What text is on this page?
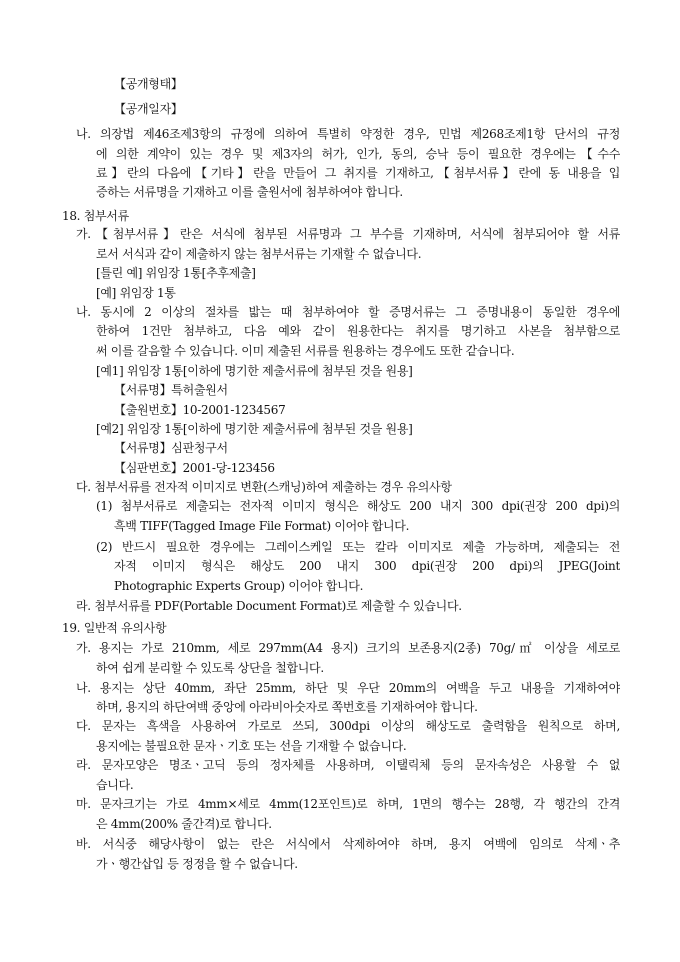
【공개형태】
【공개일자】
나. 의장법 제46조제3항의 규정에 의하여 특별히 약정한 경우, 민법 제268조제1항 단서의 규정
에 의한 계약이 있는 경우 및 제3자의 허가, 인가, 동의, 승낙 등이 필요한 경우에는【수수
료】란의 다음에【기타】란을 만들어 그 취지를 기재하고,【첨부서류】란에 동 내용을 입
증하는 서류명을 기재하고 이를 출원서에 첨부하여야 합니다.
18. 첨부서류
가.【첨부서류】란은 서식에 첨부된 서류명과 그 부수를 기재하며, 서식에 첨부되어야 할 서류
로서 서식과 같이 제출하지 않는 첨부서류는 기재할 수 없습니다.
[틀린 예] 위임장 1통[추후제출]
[예] 위임장 1통
나. 동시에 2 이상의 절차를 밟는 때 첨부하여야 할 증명서류는 그 증명내용이 동일한 경우에
한하여 1건만 첨부하고, 다음 예와 같이 원용한다는 취지를 명기하고 사본을 첨부함으로
써 이를 갈음할 수 있습니다. 이미 제출된 서류를 원용하는 경우에도 또한 같습니다.
[예1] 위임장 1통[이하에 명기한 제출서류에 첨부된 것을 원용]
【서류명】특허출원서
【출원번호】10-2001-1234567
[예2] 위임장 1통[이하에 명기한 제출서류에 첨부된 것을 원용]
【서류명】심판청구서
【심판번호】2001-당-123456
다. 첨부서류를 전자적 이미지로 변환(스캐닝)하여 제출하는 경우 유의사항
(1) 첨부서류로 제출되는 전자적 이미지 형식은 해상도 200 내지 300 dpi(권장 200 dpi)의
흑백 TIFF(Tagged Image File Format) 이어야 합니다.
(2) 반드시 필요한 경우에는 그레이스케일 또는 칼라 이미지로 제출 가능하며, 제출되는 전
자적 이미지 형식은 해상도 200 내지 300 dpi(권장 200 dpi)의 JPEG(Joint
Photographic Experts Group) 이어야 합니다.
라. 첨부서류를 PDF(Portable Document Format)로 제출할 수 있습니다.
19. 일반적 유의사항
가. 용지는 가로 210mm, 세로 297mm(A4 용지) 크기의 보존용지(2종) 70g/㎡ 이상을 세로로
하여 쉽게 분리할 수 있도록 상단을 철합니다.
나. 용지는 상단 40mm, 좌단 25mm, 하단 및 우단 20mm의 여백을 두고 내용을 기재하여야
하며, 용지의 하단여백 중앙에 아라비아숫자로 쪽번호를 기재하여야 합니다.
다. 문자는 흑색을 사용하여 가로로 쓰되, 300dpi 이상의 해상도로 출력함을 원칙으로 하며,
용지에는 불필요한 문자ㆍ기호 또는 선을 기재할 수 없습니다.
라. 문자모양은 명조ㆍ고딕 등의 정자체를 사용하며, 이탤릭체 등의 문자속성은 사용할 수 없
습니다.
마. 문자크기는 가로 4mm×세로 4mm(12포인트)로 하며, 1면의 행수는 28행, 각 행간의 간격
은 4mm(200% 줄간격)로 합니다.
바. 서식중 해당사항이 없는 란은 서식에서 삭제하여야 하며, 용지 여백에 임의로 삭제ㆍ추
가ㆍ행간삽입 등 정정을 할 수 없습니다.
